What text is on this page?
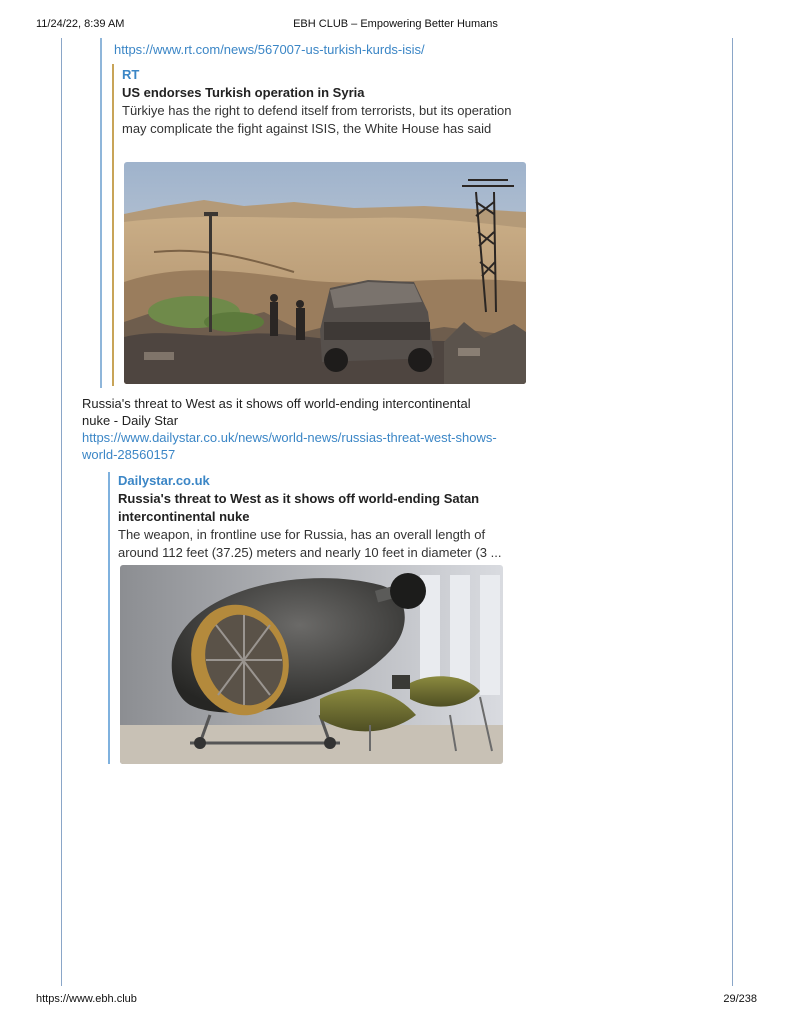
11/24/22, 8:39 AM	EBH CLUB – Empowering Better Humans
https://www.ebh.club	29/238
https://www.rt.com/news/567007-us-turkish-kurds-isis/
RT
US endorses Turkish operation in Syria
Türkiye has the right to defend itself from terrorists, but its operation may complicate the fight against ISIS, the White House has said
Russia's threat to West as it shows off world-ending intercontinental nuke - Daily Star
https://www.dailystar.co.uk/news/world-news/russias-threat-west-shows-world-28560157
Dailystar.co.uk
Russia's threat to West as it shows off world-ending Satan intercontinental nuke
The weapon, in frontline use for Russia, has an overall length of around 112 feet (37.25) meters and nearly 10 feet in diameter (3 ...
